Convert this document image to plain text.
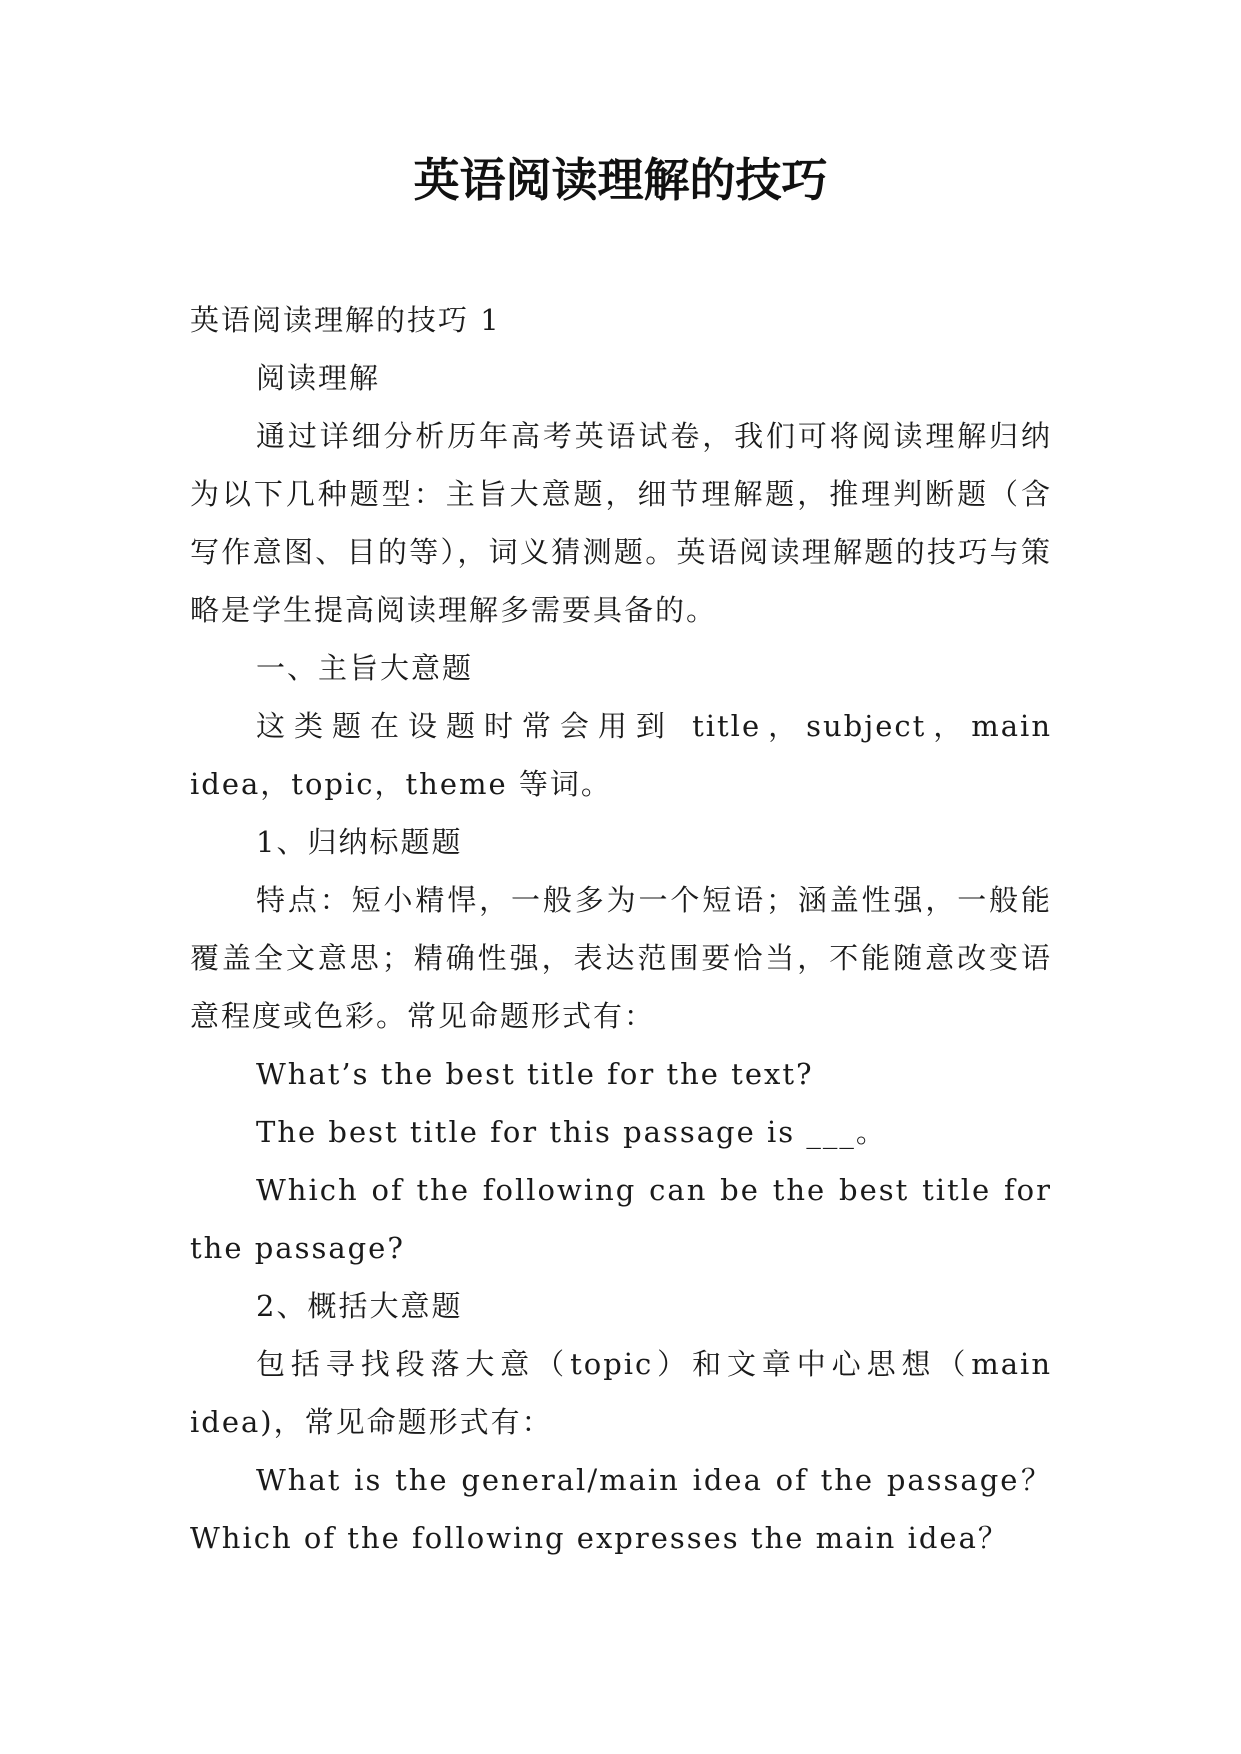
英语阅读理解的技巧

英语阅读理解的技巧 1

阅读理解

通过详细分析历年高考英语试卷，我们可将阅读理解归纳为以下几种题型：主旨大意题，细节理解题，推理判断题（含写作意图、目的等），词义猜测题。英语阅读理解题的技巧与策略是学生提高阅读理解多需要具备的。

一、主旨大意题

这类题在设题时常会用到 title，subject，main idea，topic，theme 等词。

1、归纳标题题

特点：短小精悍，一般多为一个短语；涵盖性强，一般能覆盖全文意思；精确性强，表达范围要恰当，不能随意改变语意程度或色彩。常见命题形式有：

What’s the best title for the text?

The best title for this passage is ___。

Which of the following can be the best title for the passage?

2、概括大意题

包括寻找段落大意（topic）和文章中心思想（main idea)，常见命题形式有：

What is the general/main idea of the passage？Which of the following expresses the main idea？
